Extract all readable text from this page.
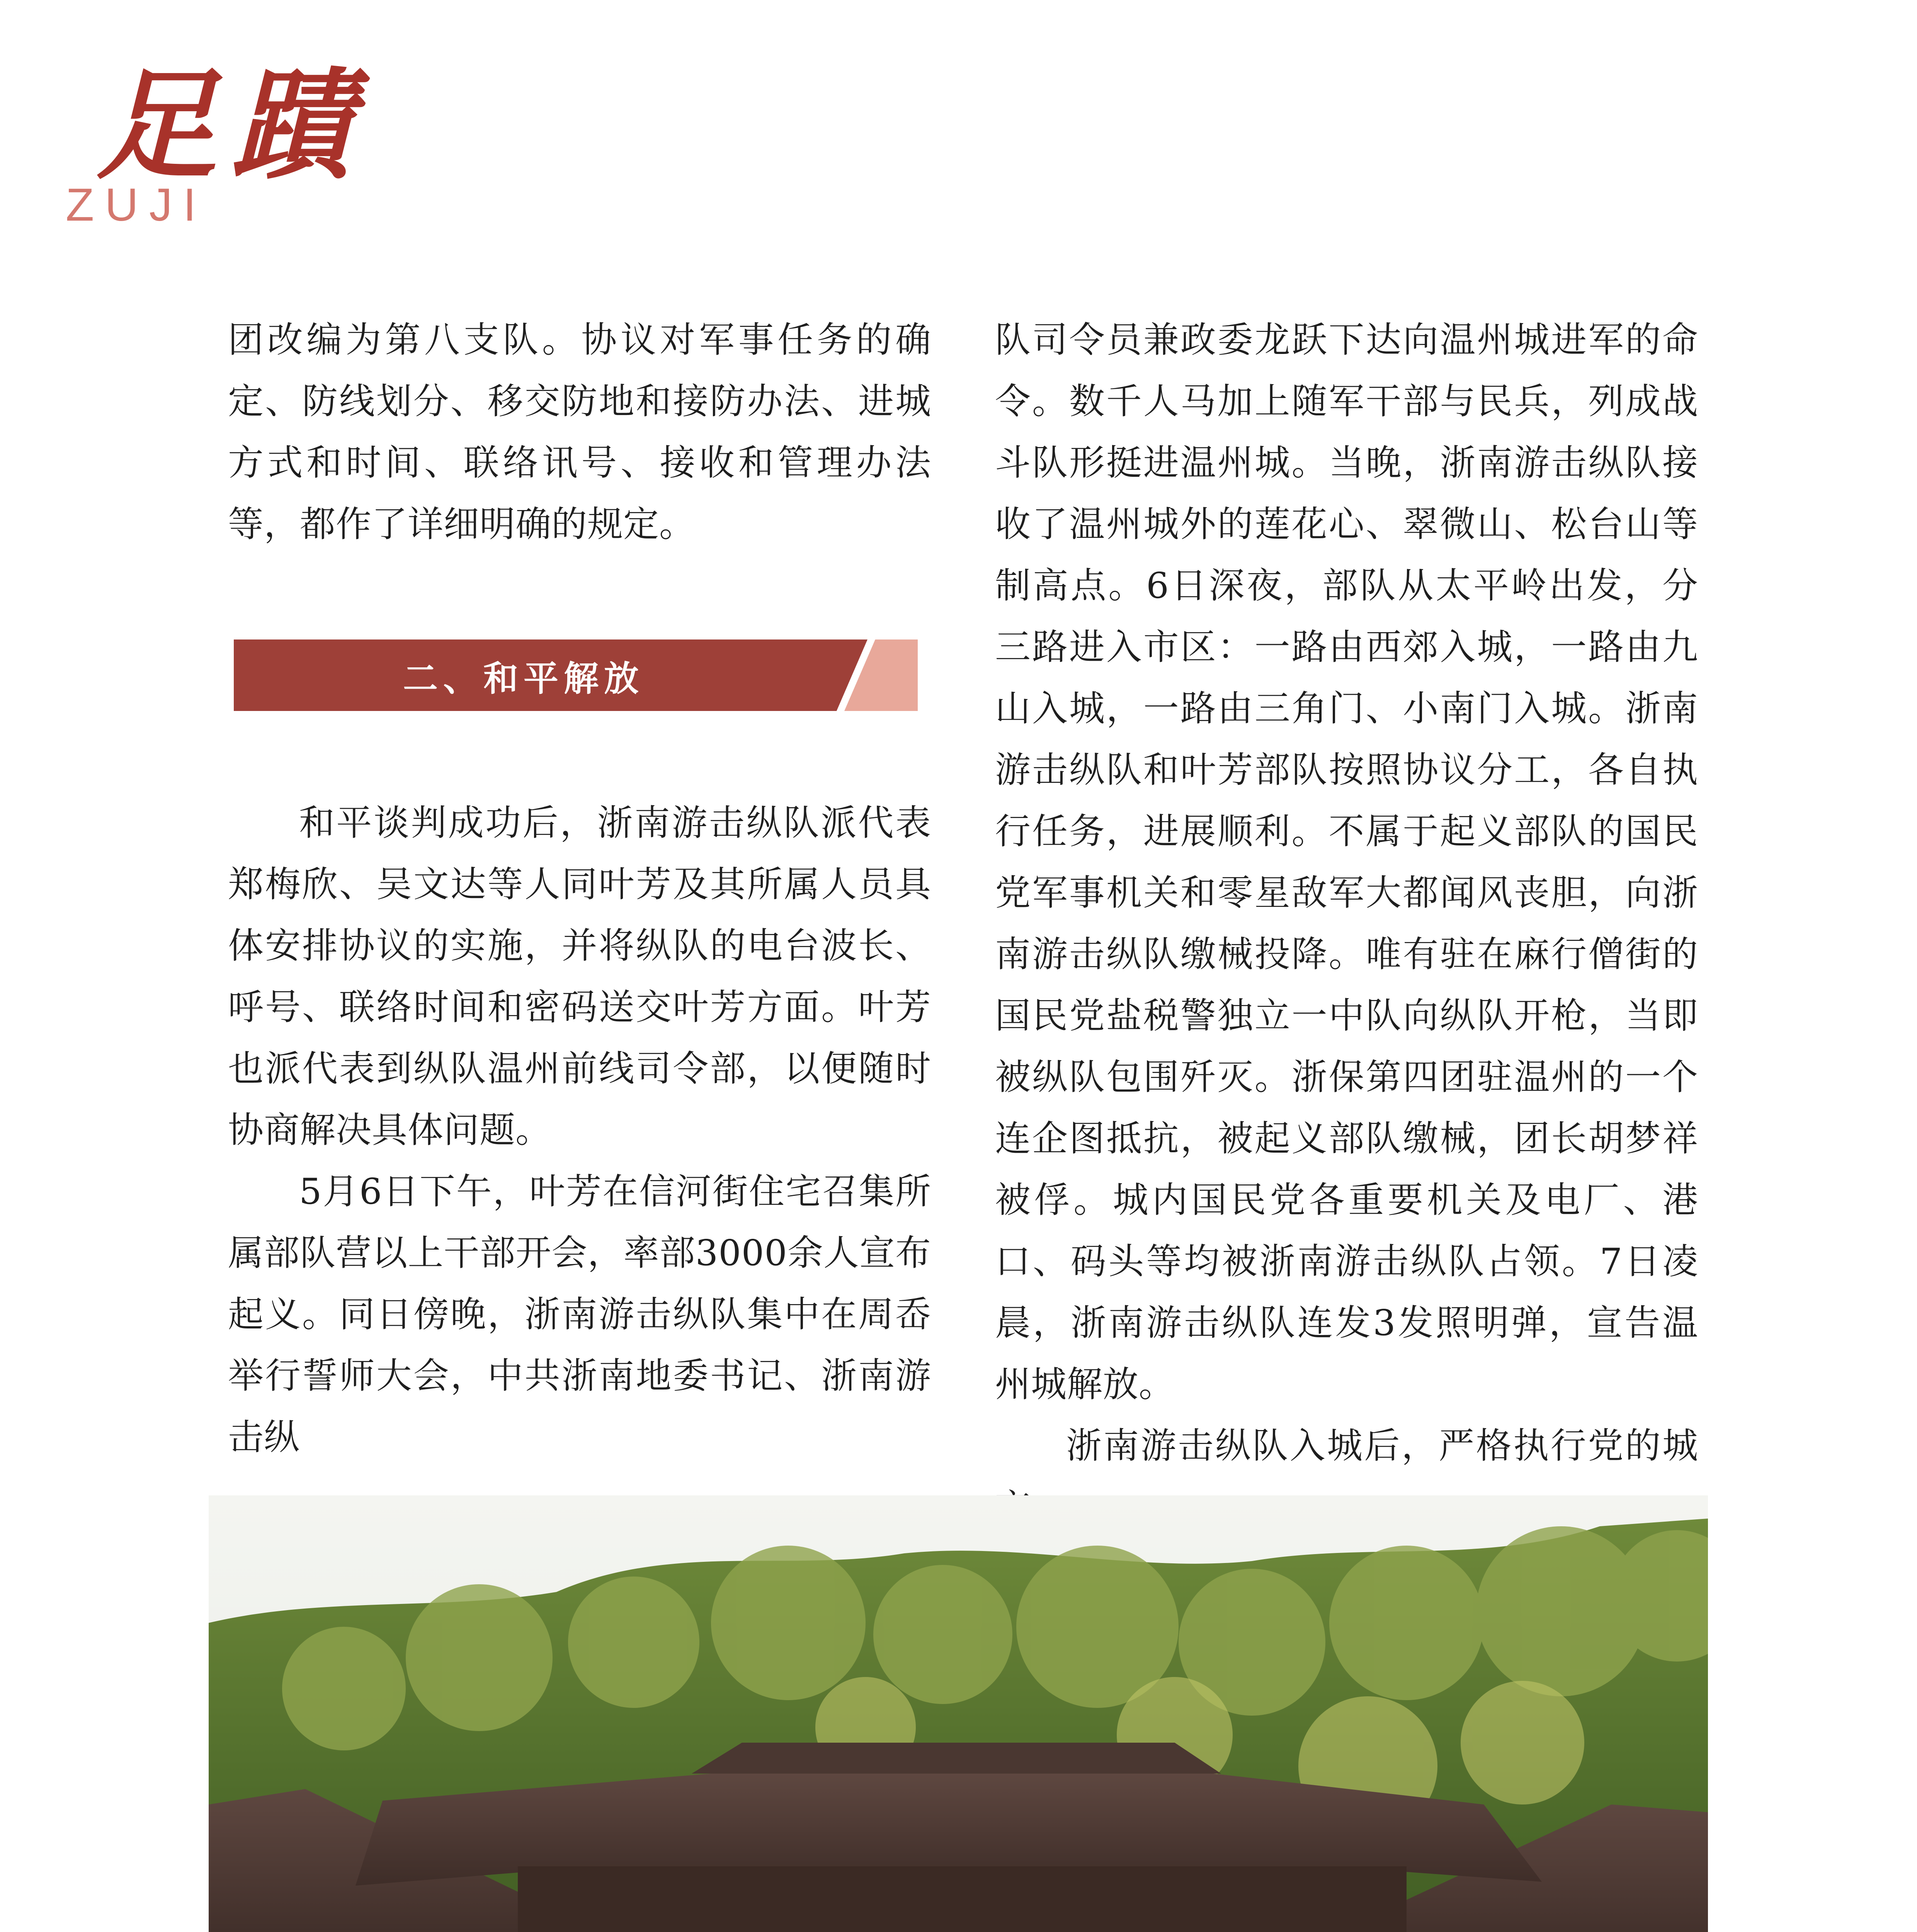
足蹟
ZUJI

团改编为第八支队。协议对军事任务的确定、防线划分、移交防地和接防办法、进城方式和时间、联络讯号、接收和管理办法等，都作了详细明确的规定。

二、和平解放

和平谈判成功后，浙南游击纵队派代表郑梅欣、吴文达等人同叶芳及其所属人员具体安排协议的实施，并将纵队的电台波长、呼号、联络时间和密码送交叶芳方面。叶芳也派代表到纵队温州前线司令部，以便随时协商解决具体问题。

5月6日下午，叶芳在信河街住宅召集所属部队营以上干部开会，率部3000余人宣布起义。同日傍晚，浙南游击纵队集中在周岙举行誓师大会，中共浙南地委书记、浙南游击纵

队司令员兼政委龙跃下达向温州城进军的命令。数千人马加上随军干部与民兵，列成战斗队形挺进温州城。当晚，浙南游击纵队接收了温州城外的莲花心、翠微山、松台山等制高点。6日深夜，部队从太平岭出发，分三路进入市区：一路由西郊入城，一路由九山入城，一路由三角门、小南门入城。浙南游击纵队和叶芳部队按照协议分工，各自执行任务，进展顺利。不属于起义部队的国民党军事机关和零星敌军大都闻风丧胆，向浙南游击纵队缴械投降。唯有驻在麻行僧街的国民党盐税警独立一中队向纵队开枪，当即被纵队包围歼灭。浙保第四团驻温州的一个连企图抵抗，被起义部队缴械，团长胡梦祥被俘。城内国民党各重要机关及电厂、港口、码头等均被浙南游击纵队占领。7日凌晨，浙南游击纵队连发3发照明弹，宣告温州城解放。

浙南游击纵队入城后，严格执行党的城
